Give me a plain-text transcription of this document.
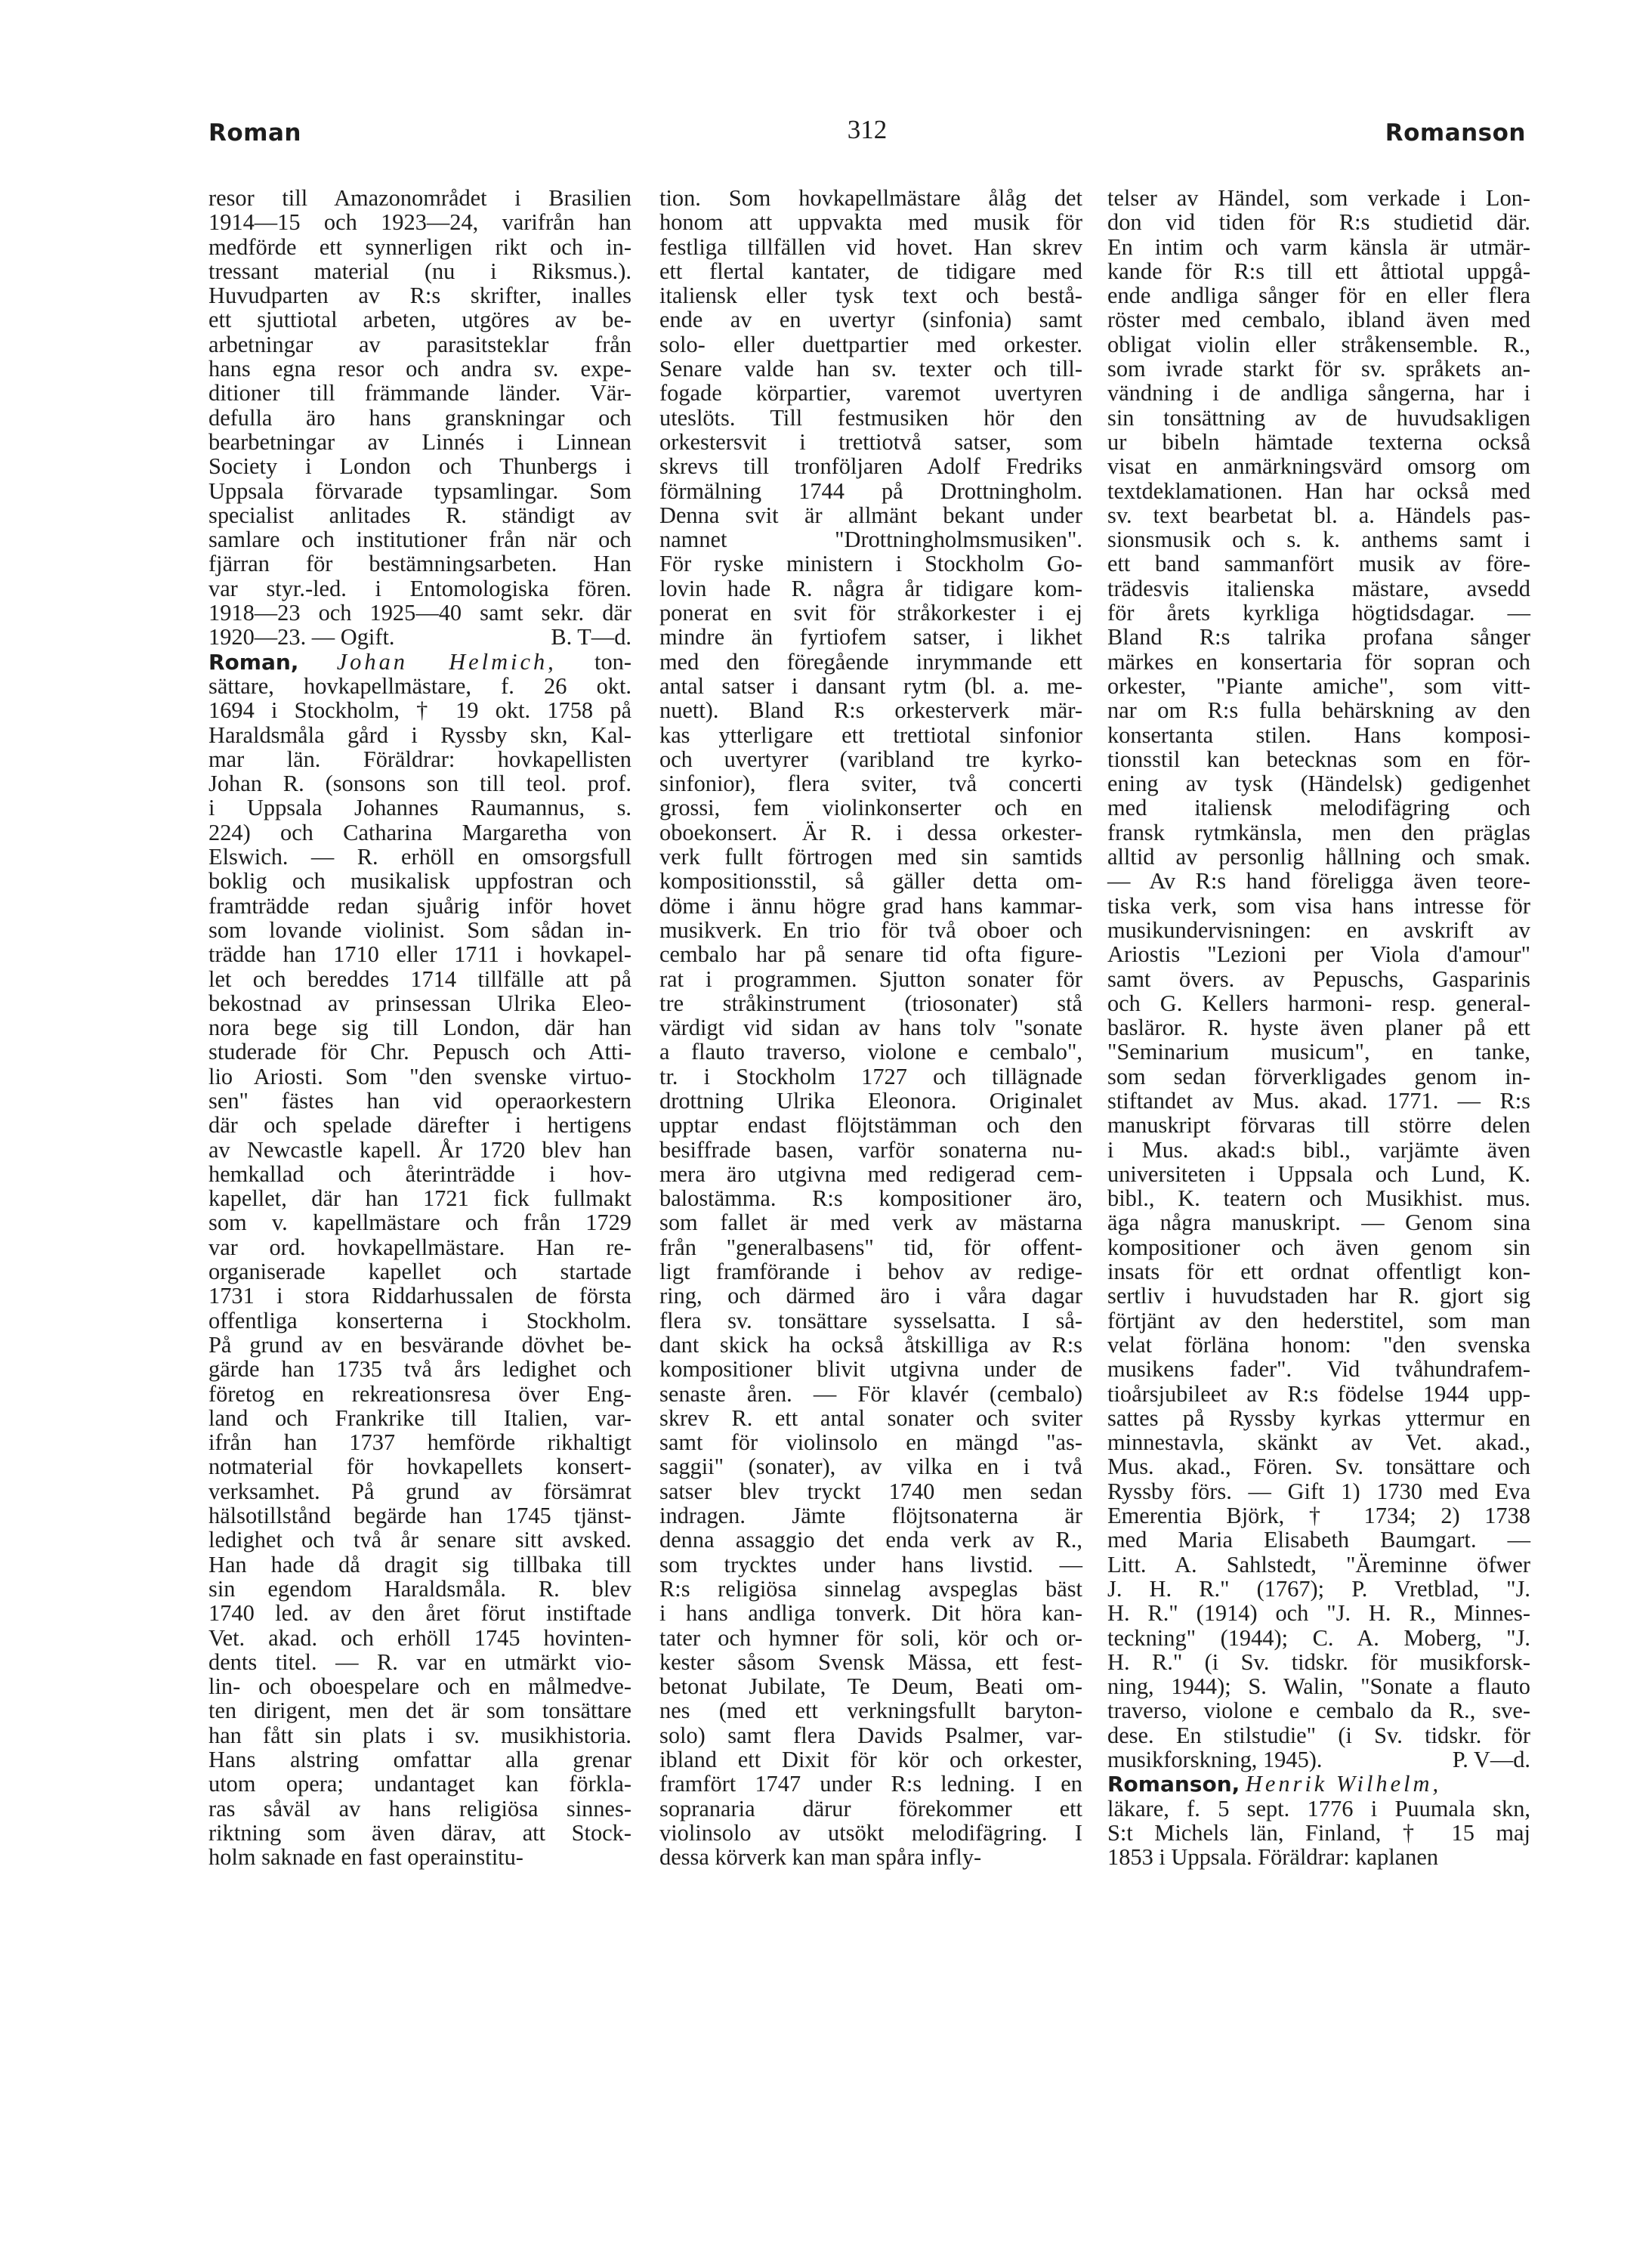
Roman	312	Romanson
resor till Amazonområdet i Brasilien
1914—15 och 1923—24, varifrån han
medförde ett synnerligen rikt och in-
tressant material (nu i Riksmus.).
Huvudparten av R:s skrifter, inalles
ett sjuttiotal arbeten, utgöres av be-
arbetningar av parasitsteklar från
hans egna resor och andra sv. expe-
ditioner till främmande länder. Vär-
defulla äro hans granskningar och
bearbetningar av Linnés i Linnean
Society i London och Thunbergs i
Uppsala förvarade typsamlingar. Som
specialist anlitades R. ständigt av
samlare och institutioner från när och
fjärran för bestämningsarbeten. Han
var styr.-led. i Entomologiska fören.
1918—23 och 1925—40 samt sekr. där
1920—23. — Ogift.	B. T—d.
Roman, Johan Helmich, ton-
sättare, hovkapellmästare, f. 26 okt.
1694 i Stockholm, † 19 okt. 1758 på
Haraldsmåla gård i Ryssby skn, Kal-
mar län. Föräldrar: hovkapellisten
Johan R. (sonsons son till teol. prof.
i Uppsala Johannes Raumannus, s.
224) och Catharina Margaretha von
Elswich. — R. erhöll en omsorgsfull
boklig och musikalisk uppfostran och
framträdde redan sjuårig inför hovet
som lovande violinist. Som sådan in-
trädde han 1710 eller 1711 i hovkapel-
let och bereddes 1714 tillfälle att på
bekostnad av prinsessan Ulrika Eleo-
nora bege sig till London, där han
studerade för Chr. Pepusch och Atti-
lio Ariosti. Som "den svenske virtuo-
sen" fästes han vid operaorkestern
där och spelade därefter i hertigens
av Newcastle kapell. År 1720 blev han
hemkallad och återinträdde i hov-
kapellet, där han 1721 fick fullmakt
som v. kapellmästare och från 1729
var ord. hovkapellmästare. Han re-
organiserade kapellet och startade
1731 i stora Riddarhussalen de första
offentliga konserterna i Stockholm.
På grund av en besvärande dövhet be-
gärde han 1735 två års ledighet och
företog en rekreationsresa över Eng-
land och Frankrike till Italien, var-
ifrån han 1737 hemförde rikhaltigt
notmaterial för hovkapellets konsert-
verksamhet. På grund av försämrat
hälsotillstånd begärde han 1745 tjänst-
ledighet och två år senare sitt avsked.
Han hade då dragit sig tillbaka till
sin egendom Haraldsmåla. R. blev
1740 led. av den året förut instiftade
Vet. akad. och erhöll 1745 hovinten-
dents titel. — R. var en utmärkt vio-
lin- och oboespelare och en målmedve-
ten dirigent, men det är som tonsättare
han fått sin plats i sv. musikhistoria.
Hans alstring omfattar alla grenar
utom opera; undantaget kan förkla-
ras såväl av hans religiösa sinnes-
riktning som även därav, att Stock-
holm saknade en fast operainstitu-
tion. Som hovkapellmästare ålåg det
honom att uppvakta med musik för
festliga tillfällen vid hovet. Han skrev
ett flertal kantater, de tidigare med
italiensk eller tysk text och bestå-
ende av en uvertyr (sinfonia) samt
solo- eller duettpartier med orkester.
Senare valde han sv. texter och till-
fogade körpartier, varemot uvertyren
uteslöts. Till festmusiken hör den
orkestersvit i trettiotvå satser, som
skrevs till tronföljaren Adolf Fredriks
förmälning 1744 på Drottningholm.
Denna svit är allmänt bekant under
namnet "Drottningholmsmusiken".
För ryske ministern i Stockholm Go-
lovin hade R. några år tidigare kom-
ponerat en svit för stråkorkester i ej
mindre än fyrtiofem satser, i likhet
med den föregående inrymmande ett
antal satser i dansant rytm (bl. a. me-
nuett). Bland R:s orkesterverk mär-
kas ytterligare ett trettiotal sinfonior
och uvertyrer (varibland tre kyrko-
sinfonior), flera sviter, två concerti
grossi, fem violinkonserter och en
oboekonsert. Är R. i dessa orkester-
verk fullt förtrogen med sin samtids
kompositionsstil, så gäller detta om-
döme i ännu högre grad hans kammar-
musikverk. En trio för två oboer och
cembalo har på senare tid ofta figure-
rat i programmen. Sjutton sonater för
tre stråkinstrument (triosonater) stå
värdigt vid sidan av hans tolv "sonate
a flauto traverso, violone e cembalo",
tr. i Stockholm 1727 och tillägnade
drottning Ulrika Eleonora. Originalet
upptar endast flöjtstämman och den
besiffrade basen, varför sonaterna nu-
mera äro utgivna med redigerad cem-
balostämma. R:s kompositioner äro,
som fallet är med verk av mästarna
från "generalbasens" tid, för offent-
ligt framförande i behov av redige-
ring, och därmed äro i våra dagar
flera sv. tonsättare sysselsatta. I så-
dant skick ha också åtskilliga av R:s
kompositioner blivit utgivna under de
senaste åren. — För klavér (cembalo)
skrev R. ett antal sonater och sviter
samt för violinsolo en mängd "as-
saggii" (sonater), av vilka en i två
satser blev tryckt 1740 men sedan
indragen. Jämte flöjtsonaterna är
denna assaggio det enda verk av R.,
som trycktes under hans livstid. —
R:s religiösa sinnelag avspeglas bäst
i hans andliga tonverk. Dit höra kan-
tater och hymner för soli, kör och or-
kester såsom Svensk Mässa, ett fest-
betonat Jubilate, Te Deum, Beati om-
nes (med ett verkningsfullt baryton-
solo) samt flera Davids Psalmer, var-
ibland ett Dixit för kör och orkester,
framfört 1747 under R:s ledning. I en
sopranaria därur förekommer ett
violinsolo av utsökt melodifägring. I
dessa körverk kan man spåra infly-
telser av Händel, som verkade i Lon-
don vid tiden för R:s studietid där.
En intim och varm känsla är utmär-
kande för R:s till ett åttiotal uppgå-
ende andliga sånger för en eller flera
röster med cembalo, ibland även med
obligat violin eller stråkensemble. R.,
som ivrade starkt för sv. språkets an-
vändning i de andliga sångerna, har i
sin tonsättning av de huvudsakligen
ur bibeln hämtade texterna också
visat en anmärkningsvärd omsorg om
textdeklamationen. Han har också med
sv. text bearbetat bl. a. Händels pas-
sionsmusik och s. k. anthems samt i
ett band sammanfört musik av före-
trädesvis italienska mästare, avsedd
för årets kyrkliga högtidsdagar. —
Bland R:s talrika profana sånger
märkes en konsertaria för sopran och
orkester, "Piante amiche", som vitt-
nar om R:s fulla behärskning av den
konsertanta stilen. Hans komposi-
tionsstil kan betecknas som en för-
ening av tysk (Händelsk) gedigenhet
med italiensk melodifägring och
fransk rytmkänsla, men den präglas
alltid av personlig hållning och smak.
— Av R:s hand föreligga även teore-
tiska verk, som visa hans intresse för
musikundervisningen: en avskrift av
Ariostis "Lezioni per Viola d'amour"
samt övers. av Pepuschs, Gasparinis
och G. Kellers harmoni- resp. general-
basläror. R. hyste även planer på ett
"Seminarium musicum", en tanke,
som sedan förverkligades genom in-
stiftandet av Mus. akad. 1771. — R:s
manuskript förvaras till större delen
i Mus. akad:s bibl., varjämte även
universiteten i Uppsala och Lund, K.
bibl., K. teatern och Musikhist. mus.
äga några manuskript. — Genom sina
kompositioner och även genom sin
insats för ett ordnat offentligt kon-
sertliv i huvudstaden har R. gjort sig
förtjänt av den hederstitel, som man
velat förläna honom: "den svenska
musikens fader". Vid tvåhundrafem-
tioårsjubileet av R:s födelse 1944 upp-
sattes på Ryssby kyrkas yttermur en
minnestavla, skänkt av Vet. akad.,
Mus. akad., Fören. Sv. tonsättare och
Ryssby förs. — Gift 1) 1730 med Eva
Emerentia Björk, † 1734; 2) 1738
med Maria Elisabeth Baumgart. —
Litt. A. Sahlstedt, "Äreminne öfwer
J. H. R." (1767); P. Vretblad, "J.
H. R." (1914) och "J. H. R., Minnes-
teckning" (1944); C. A. Moberg, "J.
H. R." (i Sv. tidskr. för musikforsk-
ning, 1944); S. Walin, "Sonate a flauto
traverso, violone e cembalo da R., sve-
dese. En stilstudie" (i Sv. tidskr. för
musikforskning, 1945).	P. V—d.
Romanson, Henrik Wilhelm,
läkare, f. 5 sept. 1776 i Puumala skn,
S:t Michels län, Finland, † 15 maj
1853 i Uppsala. Föräldrar: kaplanen
